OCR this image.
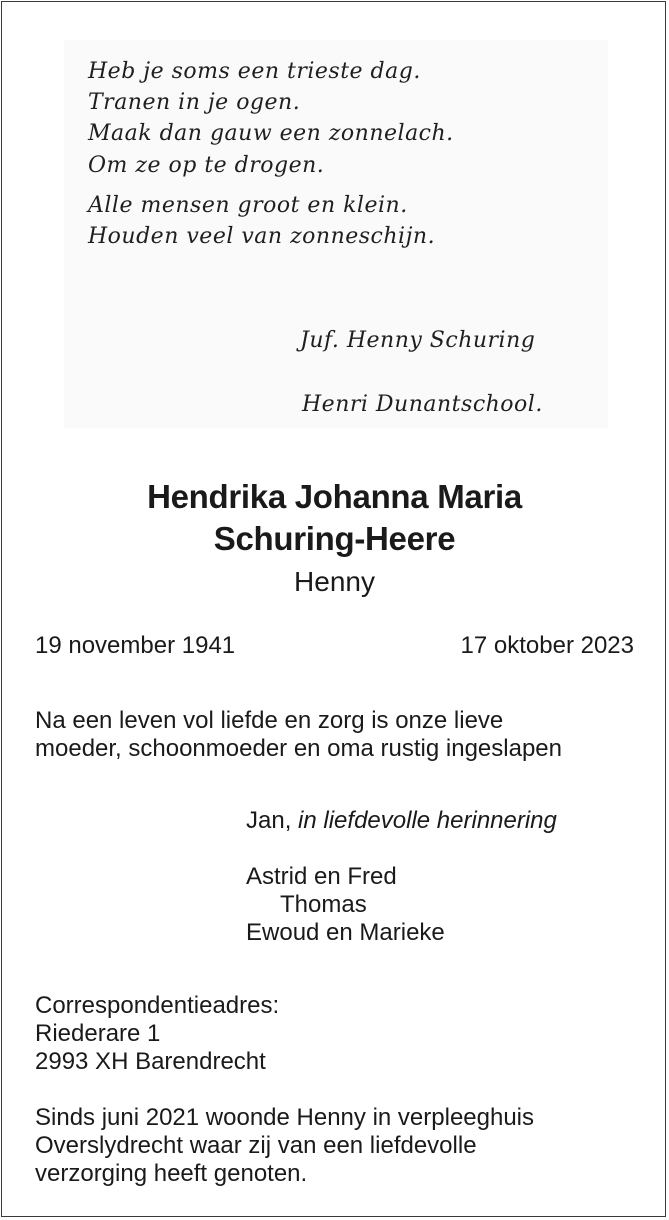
Heb je soms een trieste dag.
Tranen in je ogen.
Maak dan gauw een zonnelach.
Om ze op te drogen.
Alle mensen groot en klein.
Houden veel van zonneschijn.
Juf. Henny Schuring
Henri Dunantschool.
Hendrika Johanna Maria
Schuring-Heere
Henny
19 november 1941	17 oktober 2023
Na een leven vol liefde en zorg is onze lieve
moeder, schoonmoeder en oma rustig ingeslapen
Jan, in liefdevolle herinnering
Astrid en Fred
Thomas
Ewoud en Marieke
Correspondentieadres:
Riederare 1
2993 XH Barendrecht
Sinds juni 2021 woonde Henny in verpleeghuis
Overslydrecht waar zij van een liefdevolle
verzorging heeft genoten.
